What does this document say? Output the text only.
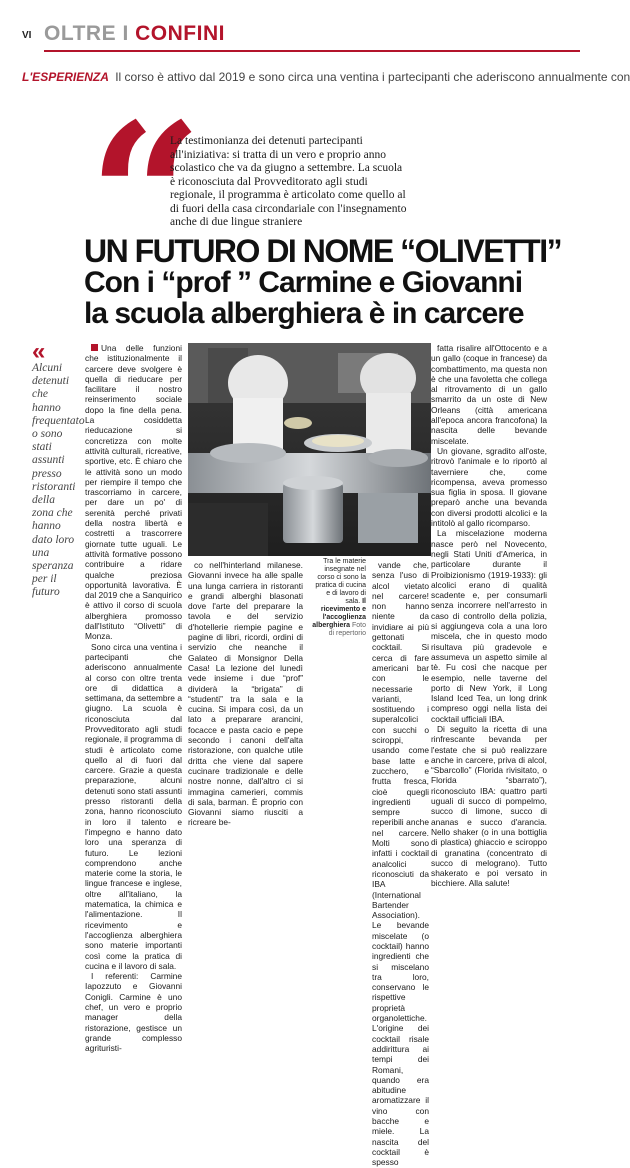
VI OLTRE I CONFINI
L'ESPERIENZA Il corso è attivo dal 2019 e sono circa una ventina i partecipanti che aderiscono annualmente con
“
La testimonianza dei detenuti partecipanti all'iniziativa: si tratta di un vero e proprio anno scolastico che va da giugno a settembre. La scuola è riconosciuta dal Provveditorato agli studi regionale, il programma è articolato come quello al di fuori della casa circondariale con l'insegnamento anche di due lingue straniere
UN FUTURO DI NOME “OLIVETTI”
Con i “prof ” Carmine e Giovanni
la scuola alberghiera è in carcere
«
Alcuni detenuti che hanno frequentato o sono stati assunti presso ristoranti della zona che hanno dato loro una speranza per il futuro

Una delle funzioni che istituzionalmente il carcere deve svolgere è quella di rieducare per facilitare il nostro reinserimento sociale dopo la fine della pena. La cosiddetta rieducazione si concretizza con molte attività culturali, ricreative, sportive, etc. È chiaro che le attività sono un modo per riempire il tempo che trascorriamo in carcere, per dare un po' di serenità perché privati della nostra libertà e costretti a trascorrere giornate tutte uguali. Le attività formative possono contribuire a ridare qualche preziosa opportunità lavorativa. È dal 2019 che a Sanquirico è attivo il corso di scuola alberghiera promosso dall'Istituto “Olivetti” di Monza.

Sono circa una ventina i partecipanti che aderiscono annualmente al corso con oltre trenta ore di didattica a settimana, da settembre a giugno. La scuola è riconosciuta dal Provveditorato agli studi regionale, il programma di studi è articolato come quello al di fuori dal carcere. Grazie a questa preparazione, alcuni detenuti sono stati assunti presso ristoranti della zona, hanno riconosciuto in loro il talento e l'impegno e hanno dato loro una speranza di futuro. Le lezioni comprendono anche materie come la storia, le lingue francese e inglese, oltre all'italiano, la matematica, la chimica e l'alimentazione. Il ricevimento e l'accoglienza alberghiera sono materie importanti così come la pratica di cucina e il lavoro di sala.

I referenti: Carmine Iapozzuto e Giovanni Conigli. Carmine è uno chef, un vero e proprio manager della ristorazione, gestisce un grande complesso agrituristi-

Tra le materie insegnate nel corso ci sono la pratica di cucina e di lavoro di sala. Il ricevimento e l'accoglienza alberghiera Foto di repertorio

co nell'hinterland milanese. Giovanni invece ha alle spalle una lunga carriera in ristoranti e grandi alberghi blasonati dove l'arte del preparare la tavola e del servizio d'hotellerie riempie pagine e pagine di libri, ricordi, ordini di servizio che neanche il Galateo di Monsignor Della Casa! La lezione del lunedì vede insieme i due “prof” dividerà la “brigata” di “studenti” tra la sala e la cucina. Si impara così, da un lato a preparare arancini, focacce e pasta cacio e pepe secondo i canoni dell'alta ristorazione, con qualche utile dritta che viene dal sapere cucinare tradizionale e delle nostre nonne, dall'altro ci si immagina camerieri, commis di sala, barman. È proprio con Giovanni siamo riusciti a ricreare be-

vande che, senza l'uso di alcol vietato nel carcere! non hanno niente da invidiare ai più gettonati cocktail. Si cerca di fare americani bar con le necessarie varianti, sostituendo i superalcolici con succhi o sciroppi, usando come base latte e zucchero, e frutta fresca, cioè quegli ingredienti sempre reperibili anche nel carcere. Molti sono infatti i cocktail analcolici riconosciuti da IBA (International Bartender Association). Le bevande miscelate (o cocktail) hanno ingredienti che si miscelano tra loro, conservano le rispettive proprietà organolettiche. L'origine dei cocktail risale addirittura ai tempi dei Romani, quando era abitudine aromatizzare il vino con bacche e miele. La nascita del cocktail è spesso

fatta risalire all'Ottocento e a un gallo (coque in francese) da combattimento, ma questa non è che una favoletta che collega al ritrovamento di un gallo smarrito da un oste di New Orleans (città americana all'epoca ancora francofona) la nascita delle bevande miscelate.

Un giovane, sgradito all'oste, ritrovò l'animale e lo riportò al taverniere che, come ricompensa, aveva promesso sua figlia in sposa. Il giovane preparò anche una bevanda con diversi prodotti alcolici e la intitolò al gallo ricomparso.

La miscelazione moderna nasce però nel Novecento, negli Stati Uniti d'America, in particolare durante il Proibizionismo (1919-1933): gli alcolici erano di qualità scadente e, per consumarli senza incorrere nell'arresto in caso di controllo della polizia, si aggiungeva cola a una loro miscela, che in questo modo risultava più gradevole e assumeva un aspetto simile al tè. Fu così che nacque per esempio, nelle taverne del porto di New York, il Long Island Iced Tea, un long drink compreso oggi nella lista dei cocktail ufficiali IBA.

Di seguito la ricetta di una rinfrescante bevanda per l'estate che si può realizzare anche in carcere, priva di alcol, “Sbarcollo” (Florida rivisitato, o Florida “sbarrato”), riconosciuto IBA: quattro parti uguali di succo di pompelmo, succo di limone, succo di ananas e succo d'arancia. Nello shaker (o in una bottiglia di plastica) ghiaccio e sciroppo di granatina (concentrato di succo di melograno). Tutto shakerato e poi versato in bicchiere. Alla salute!
